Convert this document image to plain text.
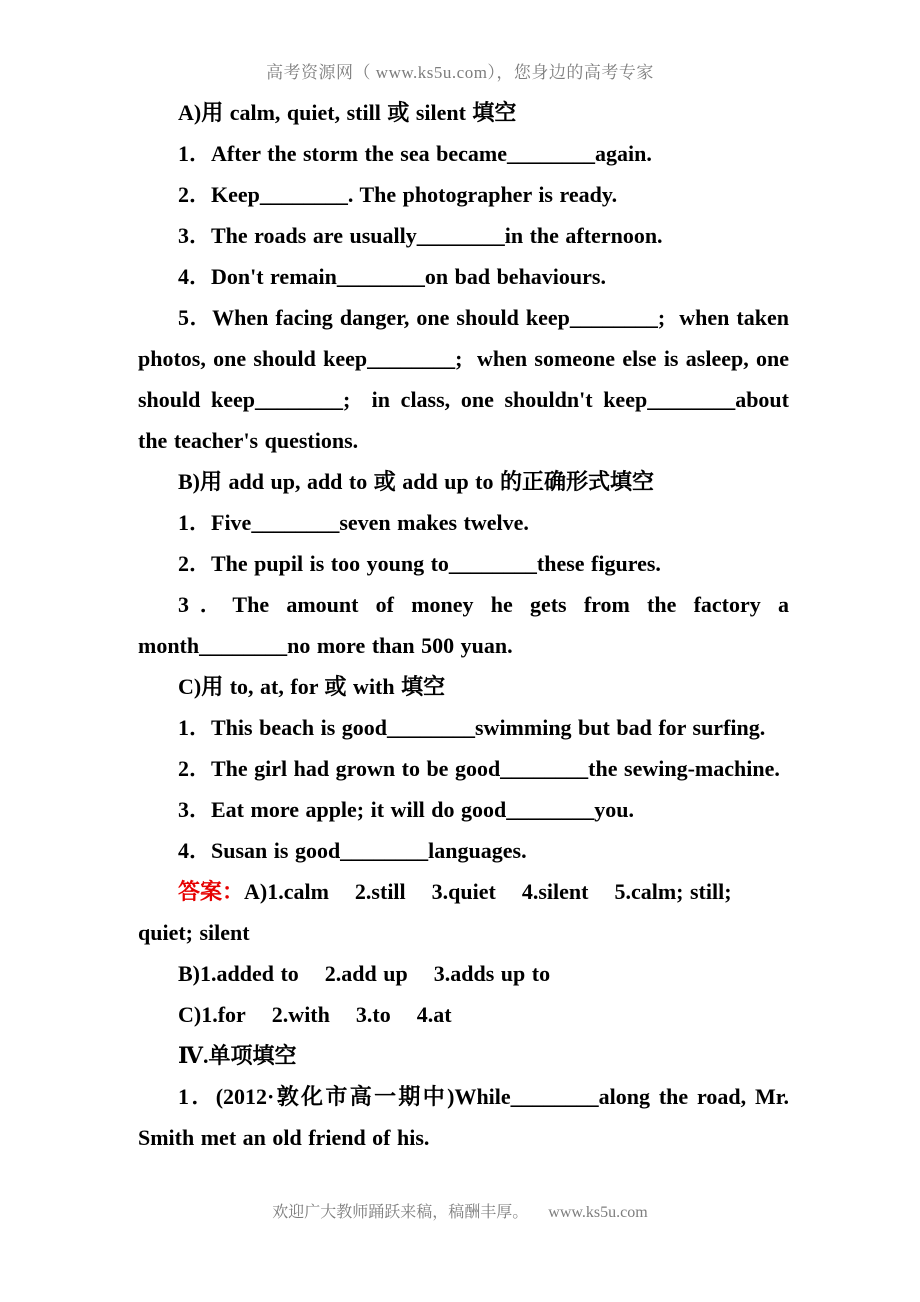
高考资源网（ www.ks5u.com），您身边的高考专家

A)用 calm, quiet, still 或 silent 填空

1．After the storm the sea became________again.

2．Keep________. The photographer is ready.

3．The roads are usually________in the afternoon.

4．Don't remain________on bad behaviours.

5．When facing danger, one should keep________;  when taken photos, one should keep________;  when someone else is asleep, one should keep________;  in class, one shouldn't keep________about the teacher's questions.

B)用 add up, add to 或 add up to 的正确形式填空

1．Five________seven makes twelve.

2．The pupil is too young to________these figures.

3．The amount of money he gets from the factory a month________no more than 500 yuan.

C)用 to, at, for 或 with 填空

1．This beach is good________swimming but bad for surfing.

2．The girl had grown to be good________the sewing-machine.

3．Eat more apple; it will do good________you.

4．Susan is good________languages.

答案：A)1.calm    2.still    3.quiet    4.silent    5.calm; still; quiet; silent

B)1.added to    2.add up    3.adds up to

C)1.for    2.with    3.to    4.at

Ⅳ.单项填空

1．(2012·敦化市高一期中)While________along the road, Mr. Smith met an old friend of his.

欢迎广大教师踊跃来稿，稿酬丰厚。 www.ks5u.com
